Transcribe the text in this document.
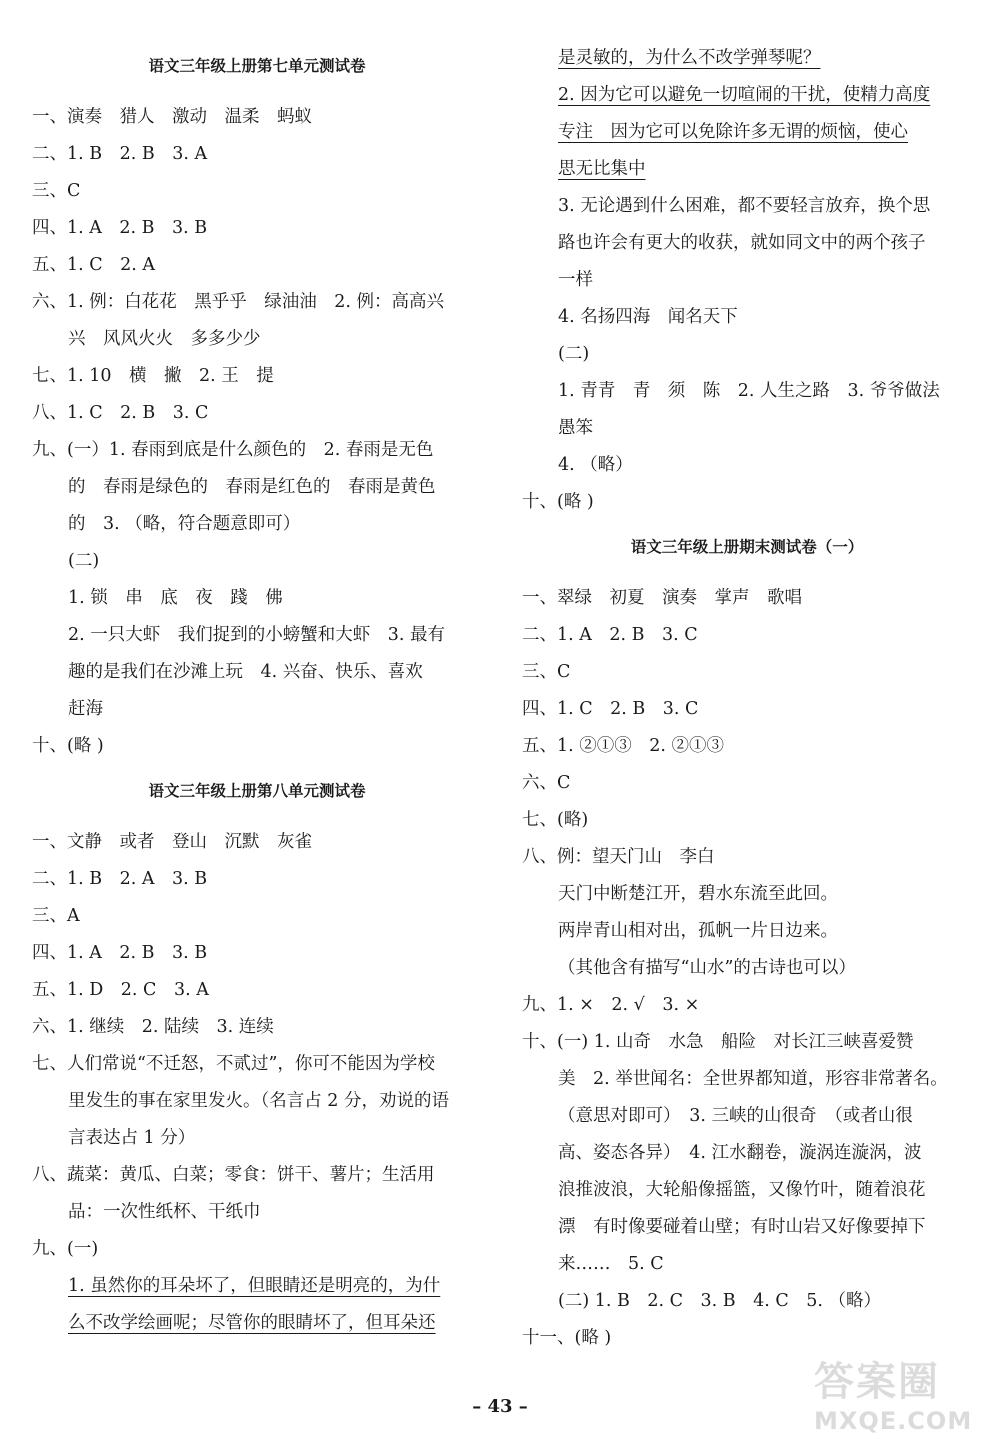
语文三年级上册第七单元测试卷
一、演奏　猎人　激动　温柔　蚂蚁
二、1. B　2. B　3. A
三、C
四、1. A　2. B　3. B
五、1. C　2. A
六、1. 例：白花花　黑乎乎　绿油油　2. 例：高高兴
兴　风风火火　多多少少
七、1. 10　横　撇　2. 王　提
八、1. C　2. B　3. C
九、(一）1. 春雨到底是什么颜色的　2. 春雨是无色
的　春雨是绿色的　春雨是红色的　春雨是黄色
的　3. （略，符合题意即可）
(二)
1. 锁　串　底　夜　踐　佛
2. 一只大虾　我们捉到的小螃蟹和大虾　3. 最有
趣的是我们在沙滩上玩　4. 兴奋、快乐、喜欢
赶海
十、(略 )
语文三年级上册第八单元测试卷
一、文静　或者　登山　沉默　灰雀
二、1. B　2. A　3. B
三、A
四、1. A　2. B　3. B
五、1. D　2. C　3. A
六、1. 继续　2. 陆续　3. 连续
七、人们常说“不迁怒，不贰过”，你可不能因为学校
里发生的事在家里发火。（名言占 2 分，劝说的语
言表达占 1 分）
八、蔬菜：黄瓜、白菜；零食：饼干、薯片；生活用
品：一次性纸杯、干纸巾
九、(一)
1. 虽然你的耳朵坏了，但眼睛还是明亮的，为什
么不改学绘画呢；尽管你的眼睛坏了，但耳朵还
是灵敏的，为什么不改学弹琴呢？
2. 因为它可以避免一切喧闹的干扰，使精力高度
专注　因为它可以免除许多无谓的烦恼，使心
思无比集中
3. 无论遇到什么困难，都不要轻言放弃，换个思
路也许会有更大的收获，就如同文中的两个孩子
一样
4. 名扬四海　闻名天下
(二)
1. 青青　青　须　陈　2. 人生之路　3. 爷爷做法
愚笨
4. （略）
十、(略 )
语文三年级上册期末测试卷（一）
一、翠绿　初夏　演奏　掌声　歌唱
二、1. A　2. B　3. C
三、C
四、1. C　2. B　3. C
五、1. ②①③　2. ②①③
六、C
七、(略)
八、例：望天门山　李白
天门中断楚江开，碧水东流至此回。
两岸青山相对出，孤帆一片日边来。
（其他含有描写“山水”的古诗也可以）
九、1. ×　2. √　3. ×
十、(一) 1. 山奇　水急　船险　对长江三峡喜爱赞
美　2. 举世闻名：全世界都知道，形容非常著名。
（意思对即可）　3. 三峡的山很奇　（或者山很
高、姿态各异）　4. 江水翻卷，漩涡连漩涡，波
浪推波浪，大轮船像摇篮，又像竹叶，随着浪花
漂　有时像要碰着山壁；有时山岩又好像要掉下
来……　5. C
(二) 1. B　2. C　3. B　4. C　5. （略）
十一、(略 )
– 43 –
答案圈
MXQE.COM
